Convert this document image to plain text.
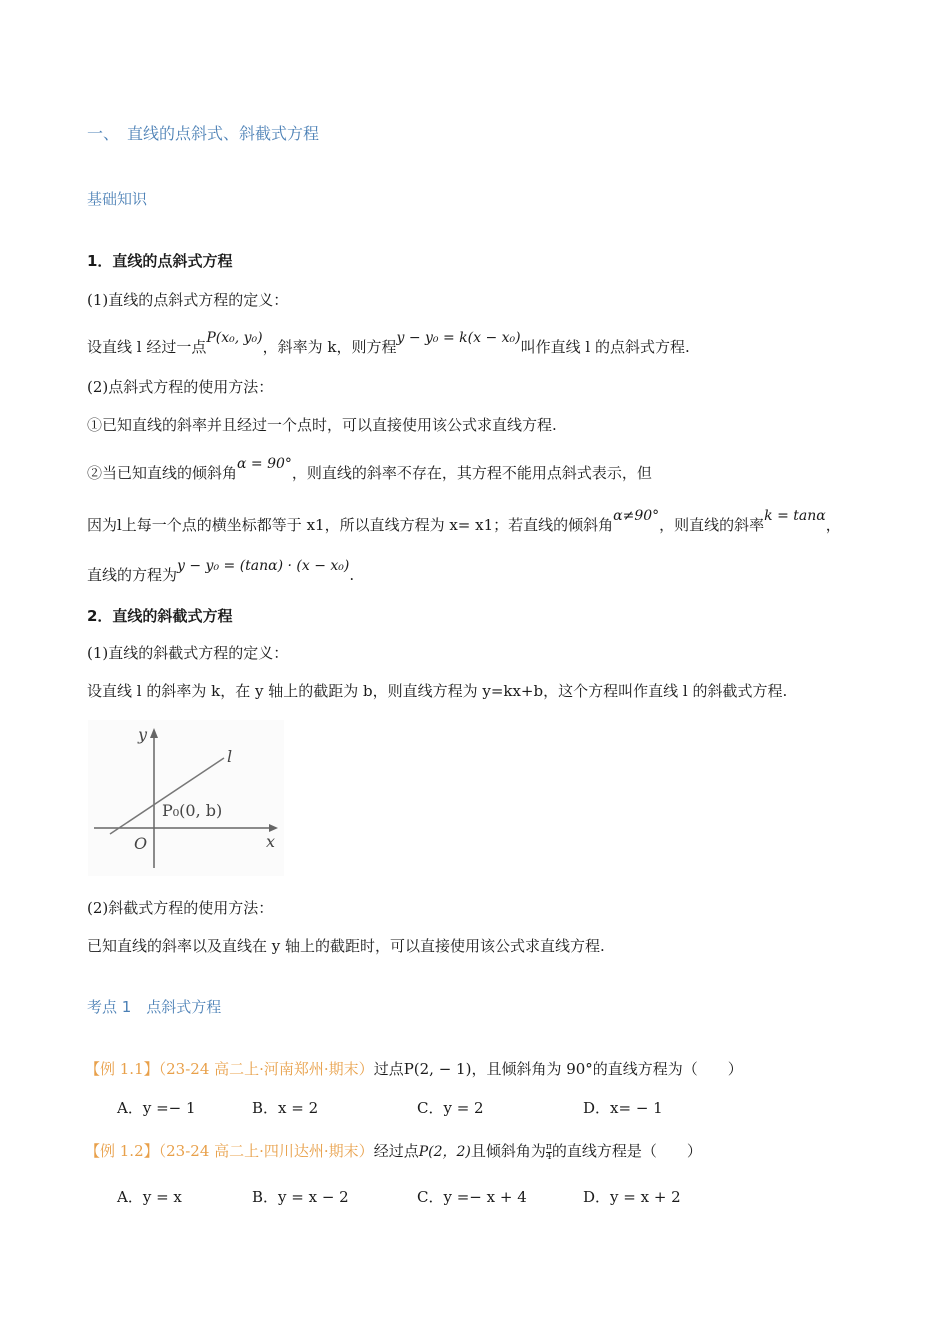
一、　直线的点斜式、斜截式方程
基础知识
1．直线的点斜式方程
(1)直线的点斜式方程的定义：
设直线 l 经过一点P(x₀, y₀)，斜率为 k，则方程y − y₀ = k(x − x₀)叫作直线 l 的点斜式方程.
(2)点斜式方程的使用方法：
①已知直线的斜率并且经过一个点时，可以直接使用该公式求直线方程.
②当已知直线的倾斜角α = 90°，则直线的斜率不存在，其方程不能用点斜式表示，但
因为l上每一个点的横坐标都等于 x1，所以直线方程为 x= x1；若直线的倾斜角α≠90°，则直线的斜率k = tanα，
直线的方程为y − y₀ = (tanα) · (x − x₀).
2．直线的斜截式方程
(1)直线的斜截式方程的定义：
设直线 l 的斜率为 k，在 y 轴上的截距为 b，则直线方程为 y=kx+b，这个方程叫作直线 l 的斜截式方程.
y
x
O
l
P₀(0, b)
(2)斜截式方程的使用方法：
已知直线的斜率以及直线在 y 轴上的截距时，可以直接使用该公式求直线方程.
考点 1　点斜式方程
【例 1.1】（23-24 高二上·河南郑州·期末）过点P(2, − 1)，且倾斜角为 90°的直线方程为（　　）
A．y =− 1	B．x = 2	C．y = 2	D．x= − 1
【例 1.2】（23-24 高二上·四川达州·期末）经过点P(2，2)且倾斜角为 $\frac{\pi}{4}$ 的直线方程是（　　）
A．y = x	B．y = x − 2	C．y =− x + 4	D．y = x + 2
